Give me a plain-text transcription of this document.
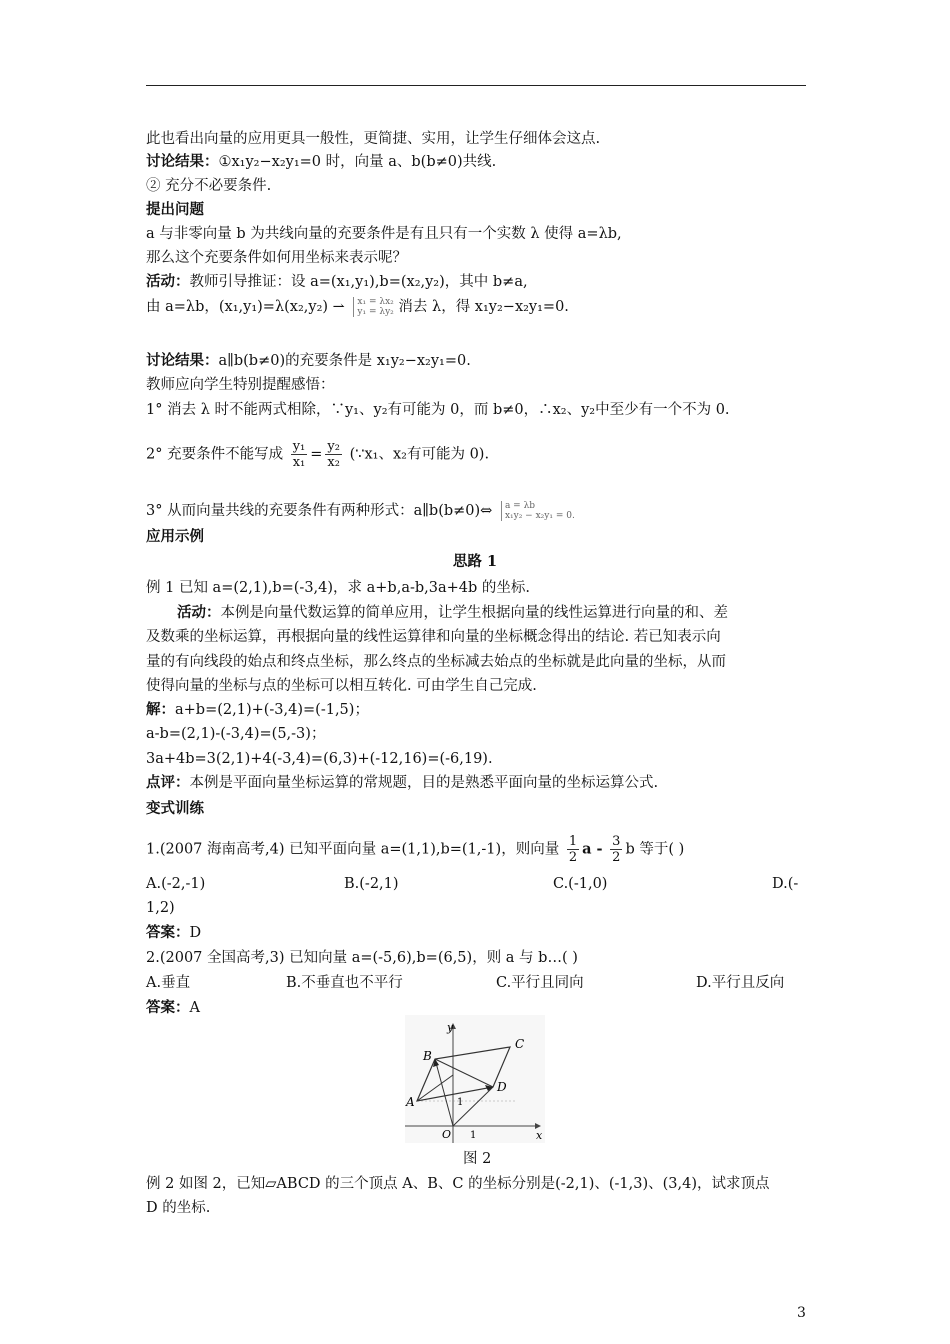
此也看出向量的应用更具一般性，更简捷、实用，让学生仔细体会这点.
讨论结果：①x₁y₂−x₂y₁=0 时，向量 a、b(b≠0)共线.
② 充分不必要条件.
提出问题
a 与非零向量 b 为共线向量的充要条件是有且只有一个实数 λ 使得 a=λb,
那么这个充要条件如何用坐标来表示呢？
活动：教师引导推证：设 a=(x₁,y₁),b=(x₂,y₂)，其中 b≠a,
由 a=λb，(x₁,y₁)=λ(x₂,y₂) ⇀ x₁ = λx₂
y₁ = λy₂ 消去 λ，得 x₁y₂−x₂y₁=0.
讨论结果：a∥b(b≠0)的充要条件是 x₁y₂−x₂y₁=0.
教师应向学生特别提醒感悟：
1° 消去 λ 时不能两式相除，∵y₁、y₂有可能为 0，而 b≠0，∴x₂、y₂中至少有一个不为 0.
2° 充要条件不能写成 $\frac{\text{y₁}}{\text{x₁}} = \frac{\text{y₂}}{\text{x₂}}$ (∵x₁、x₂有可能为 0).
3° 从而向量共线的充要条件有两种形式：a∥b(b≠0)⇔ a = λb
x₁y₂ − x₂y₁ = 0.
应用示例
思路 1
例 1 已知 a=(2,1),b=(-3,4)，求 a+b,a-b,3a+4b 的坐标.
活动：本例是向量代数运算的简单应用，让学生根据向量的线性运算进行向量的和、差
及数乘的坐标运算，再根据向量的线性运算律和向量的坐标概念得出的结论. 若已知表示向
量的有向线段的始点和终点坐标，那么终点的坐标减去始点的坐标就是此向量的坐标，从而
使得向量的坐标与点的坐标可以相互转化. 可由学生自己完成.
解：a+b=(2,1)+(-3,4)=(-1,5)；
a-b=(2,1)-(-3,4)=(5,-3)；
3a+4b=3(2,1)+4(-3,4)=(6,3)+(-12,16)=(-6,19).
点评：本例是平面向量坐标运算的常规题，目的是熟悉平面向量的坐标运算公式.
变式训练
1.(2007 海南高考,4) 已知平面向量 a=(1,1),b=(1,-1)，则向量 $\frac{1}{2}$ a - $\frac{3}{2}$ b 等于( )
A.(-2,-1)	B.(-2,1)	C.(-1,0)	D.(-
1,2)
答案：D
2.(2007 全国高考,3) 已知向量 a=(-5,6),b=(6,5)，则 a 与 b…( )
A.垂直	B.不垂直也不平行	C.平行且同向	D.平行且反向
答案：A
y
x
O 1
1
A
B
C
D
图 2
例 2 如图 2，已知▱ABCD 的三个顶点 A、B、C 的坐标分别是(-2,1)、(-1,3)、(3,4)，试求顶点
D 的坐标.
3
